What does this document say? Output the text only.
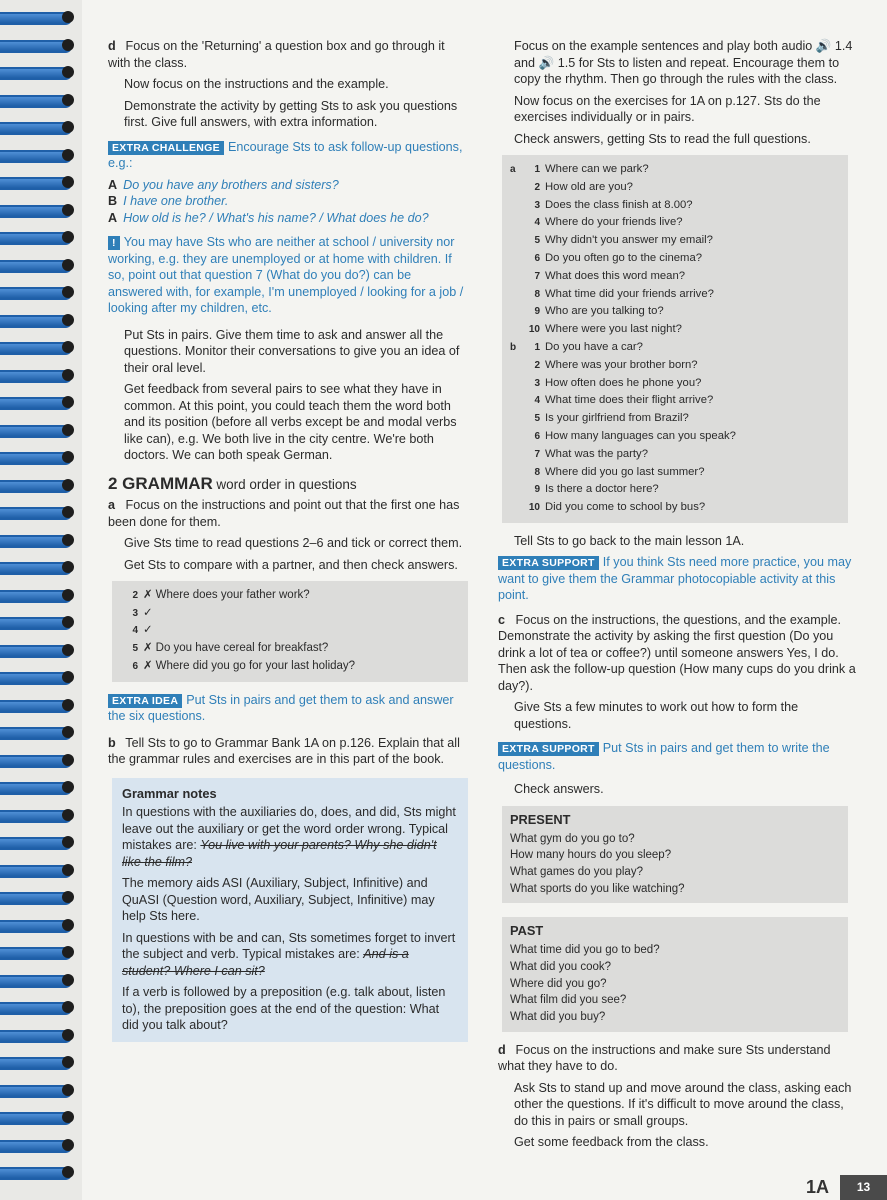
d Focus on the 'Returning' a question box and go through it with the class.
Now focus on the instructions and the example.
Demonstrate the activity by getting Sts to ask you questions first. Give full answers, with extra information.
EXTRA CHALLENGE Encourage Sts to ask follow-up questions, e.g.:
A Do you have any brothers and sisters?
B I have one brother.
A How old is he? / What's his name? / What does he do?
! You may have Sts who are neither at school / university nor working, e.g. they are unemployed or at home with children. If so, point out that question 7 (What do you do?) can be answered with, for example, I'm unemployed / looking for a job / looking after my children, etc.
Put Sts in pairs. Give them time to ask and answer all the questions. Monitor their conversations to give you an idea of their oral level.
Get feedback from several pairs to see what they have in common. At this point, you could teach them the word both and its position (before all verbs except be and modal verbs like can), e.g. We both live in the city centre. We're both doctors. We can both speak German.
2 GRAMMAR word order in questions
a Focus on the instructions and point out that the first one has been done for them.
Give Sts time to read questions 2–6 and tick or correct them.
Get Sts to compare with a partner, and then check answers.
2 ✗ Where does your father work?
3 ✓
4 ✓
5 ✗ Do you have cereal for breakfast?
6 ✗ Where did you go for your last holiday?
EXTRA IDEA Put Sts in pairs and get them to ask and answer the six questions.
b Tell Sts to go to Grammar Bank 1A on p.126. Explain that all the grammar rules and exercises are in this part of the book.
Grammar notes
In questions with the auxiliaries do, does, and did, Sts might leave out the auxiliary or get the word order wrong. Typical mistakes are: You live with your parents? Why she didn't like the film?
The memory aids ASI (Auxiliary, Subject, Infinitive) and QuASI (Question word, Auxiliary, Subject, Infinitive) may help Sts here.
In questions with be and can, Sts sometimes forget to invert the subject and verb. Typical mistakes are: And is a student? Where I can sit?
If a verb is followed by a preposition (e.g. talk about, listen to), the preposition goes at the end of the question: What did you talk about?
Focus on the example sentences and play both audio 🔊 1.4 and 🔊 1.5 for Sts to listen and repeat. Encourage them to copy the rhythm. Then go through the rules with the class.
Now focus on the exercises for 1A on p.127. Sts do the exercises individually or in pairs.
Check answers, getting Sts to read the full questions.
a 1 Where can we park?
2 How old are you?
3 Does the class finish at 8.00?
4 Where do your friends live?
5 Why didn't you answer my email?
6 Do you often go to the cinema?
7 What does this word mean?
8 What time did your friends arrive?
9 Who are you talking to?
10 Where were you last night?
b 1 Do you have a car?
2 Where was your brother born?
3 How often does he phone you?
4 What time does their flight arrive?
5 Is your girlfriend from Brazil?
6 How many languages can you speak?
7 What was the party?
8 Where did you go last summer?
9 Is there a doctor here?
10 Did you come to school by bus?
Tell Sts to go back to the main lesson 1A.
EXTRA SUPPORT If you think Sts need more practice, you may want to give them the Grammar photocopiable activity at this point.
c Focus on the instructions, the questions, and the example. Demonstrate the activity by asking the first question (Do you drink a lot of tea or coffee?) until someone answers Yes, I do. Then ask the follow-up question (How many cups do you drink a day?).
Give Sts a few minutes to work out how to form the questions.
EXTRA SUPPORT Put Sts in pairs and get them to write the questions.
Check answers.
PRESENT
What gym do you go to?
How many hours do you sleep?
What games do you play?
What sports do you like watching?
PAST
What time did you go to bed?
What did you cook?
Where did you go?
What film did you see?
What did you buy?
d Focus on the instructions and make sure Sts understand what they have to do.
Ask Sts to stand up and move around the class, asking each other the questions. If it's difficult to move around the class, do this in pairs or small groups.
Get some feedback from the class.
1A	13
